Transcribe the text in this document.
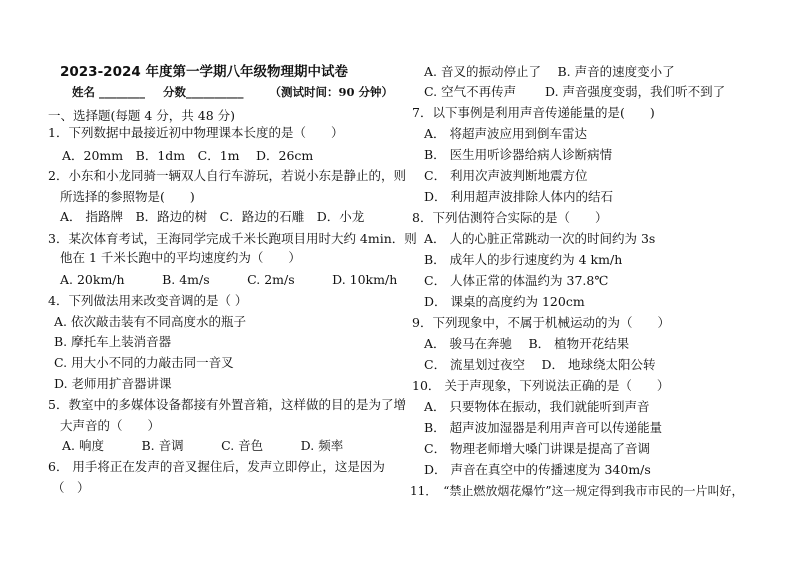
2023-2024 年度第一学期八年级物理期中试卷
姓名 ________ 分数__________ （测试时间：90 分钟）
一、选择题(每题 4 分，共 48 分)
1．下列数据中最接近初中物理课本长度的是（　　）
A．20mm　B．1dm　C．1m　 D．26cm
2．小东和小龙同骑一辆双人自行车游玩，若说小东是静止的，则
所选择的参照物是(　　)
A． 指路牌　B．路边的树　C．路边的石雕　D．小龙
3．某次体育考试，王海同学完成千米长跑项目用时大约 4min．则
他在 1 千米长跑中的平均速度约为（　　）
A. 20km/h　　　B. 4m/s　　　C. 2m/s　　　D. 10km/h
4．下列做法用来改变音调的是（ ）
A. 依次敲击装有不同高度水的瓶子
B. 摩托车上装消音器
C. 用大小不同的力敲击同一音叉
D. 老师用扩音器讲课
5．教室中的多媒体设备都接有外置音箱，这样做的目的是为了增
大声音的（　　）
A. 响度　　　B. 音调　　　C. 音色　　　D. 频率
6． 用手将正在发声的音叉握住后，发声立即停止，这是因为
（　）
A. 音叉的振动停止了　 B. 声音的速度变小了
C. 空气不再传声　　 D. 声音强度变弱，我们听不到了
7．以下事例是利用声音传递能量的是(　　)
A． 将超声波应用到倒车雷达
B． 医生用听诊器给病人诊断病情
C． 利用次声波判断地震方位
D． 利用超声波排除人体内的结石
8．下列估测符合实际的是（　　）
A． 人的心脏正常跳动一次的时间约为 3s
B． 成年人的步行速度约为 4 km/h
C． 人体正常的体温约为 37.8℃
D． 课桌的高度约为 120cm
9．下列现象中，不属于机械运动的为（　　）
A． 骏马在奔驰　 B． 植物开花结果
C． 流星划过夜空　 D． 地球绕太阳公转
10． 关于声现象，下列说法正确的是（　　）
A． 只要物体在振动，我们就能听到声音
B． 超声波加湿器是利用声音可以传递能量
C． 物理老师增大嗓门讲课是提高了音调
D． 声音在真空中的传播速度为 340m/s
11．　“禁止燃放烟花爆竹”这一规定得到我市市民的一片叫好，
